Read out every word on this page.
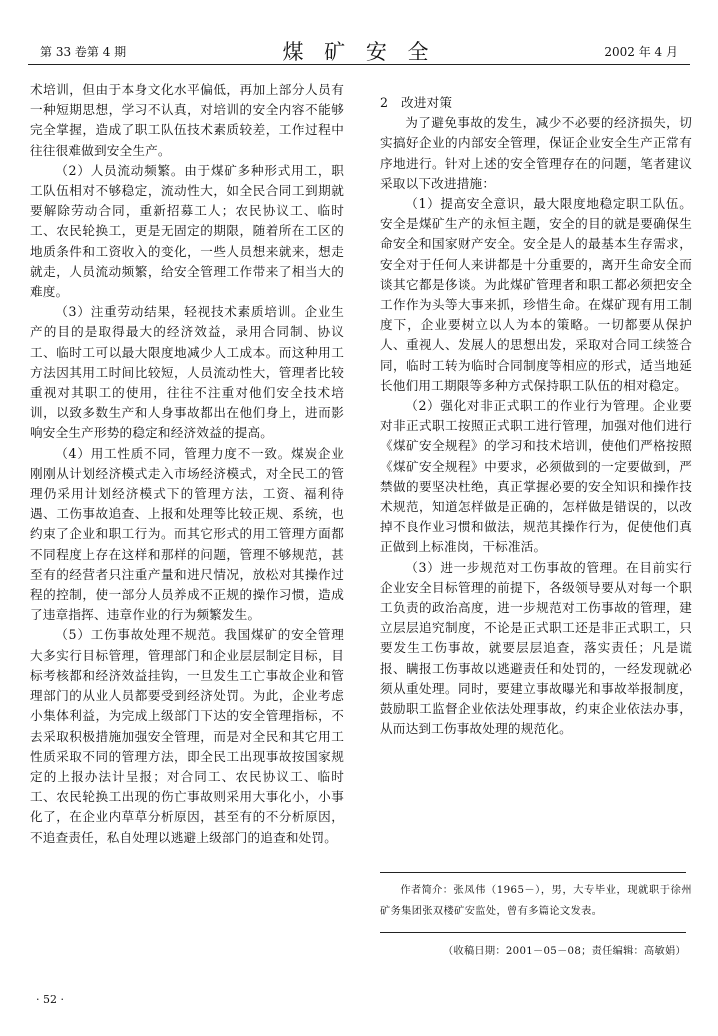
第 33 卷第 4 期	煤 矿 安 全	2002 年 4 月

术培训，但由于本身文化水平偏低，再加上部分人员有一种短期思想，学习不认真，对培训的安全内容不能够完全掌握，造成了职工队伍技术素质较差，工作过程中往往很难做到安全生产。

（2）人员流动频繁。由于煤矿多种形式用工，职工队伍相对不够稳定，流动性大，如全民合同工到期就要解除劳动合同，重新招募工人；农民协议工、临时工、农民轮换工，更是无固定的期限，随着所在工区的地质条件和工资收入的变化，一些人员想来就来，想走就走，人员流动频繁，给安全管理工作带来了相当大的难度。

（3）注重劳动结果，轻视技术素质培训。企业生产的目的是取得最大的经济效益，录用合同制、协议工、临时工可以最大限度地减少人工成本。而这种用工方法因其用工时间比较短，人员流动性大，管理者比较重视对其职工的使用，往往不注重对他们安全技术培训，以致多数生产和人身事故都出在他们身上，进而影响安全生产形势的稳定和经济效益的提高。

（4）用工性质不同，管理力度不一致。煤炭企业刚刚从计划经济模式走入市场经济模式，对全民工的管理仍采用计划经济模式下的管理方法，工资、福利待遇、工伤事故追查、上报和处理等比较正规、系统，也约束了企业和职工行为。而其它形式的用工管理方面都不同程度上存在这样和那样的问题，管理不够规范，甚至有的经营者只注重产量和进尺情况，放松对其操作过程的控制，使一部分人员养成不正规的操作习惯，造成了违章指挥、违章作业的行为频繁发生。

（5）工伤事故处理不规范。我国煤矿的安全管理大多实行目标管理，管理部门和企业层层制定目标，目标考核都和经济效益挂钩，一旦发生工亡事故企业和管理部门的从业人员都要受到经济处罚。为此，企业考虑小集体利益，为完成上级部门下达的安全管理指标，不去采取积极措施加强安全管理，而是对全民和其它用工性质采取不同的管理方法，即全民工出现事故按国家规定的上报办法计呈报；对合同工、农民协议工、临时工、农民轮换工出现的伤亡事故则采用大事化小，小事化了，在企业内草草分析原因，甚至有的不分析原因，不追查责任，私自处理以逃避上级部门的追查和处罚。

2　改进对策

为了避免事故的发生，减少不必要的经济损失，切实搞好企业的内部安全管理，保证企业安全生产正常有序地进行。针对上述的安全管理存在的问题，笔者建议采取以下改进措施：

（1）提高安全意识，最大限度地稳定职工队伍。安全是煤矿生产的永恒主题，安全的目的就是要确保生命安全和国家财产安全。安全是人的最基本生存需求，安全对于任何人来讲都是十分重要的，离开生命安全而谈其它都是侈谈。为此煤矿管理者和职工都必须把安全工作作为头等大事来抓，珍惜生命。在煤矿现有用工制度下，企业要树立以人为本的策略。一切都要从保护人、重视人、发展人的思想出发，采取对合同工续签合同，临时工转为临时合同制度等相应的形式，适当地延长他们用工期限等多种方式保持职工队伍的相对稳定。

（2）强化对非正式职工的作业行为管理。企业要对非正式职工按照正式职工进行管理，加强对他们进行《煤矿安全规程》的学习和技术培训，使他们严格按照《煤矿安全规程》中要求，必须做到的一定要做到，严禁做的要坚决杜绝，真正掌握必要的安全知识和操作技术规范，知道怎样做是正确的，怎样做是错误的，以改掉不良作业习惯和做法，规范其操作行为，促使他们真正做到上标准岗，干标准活。

（3）进一步规范对工伤事故的管理。在目前实行企业安全目标管理的前提下，各级领导要从对每一个职工负责的政治高度，进一步规范对工伤事故的管理，建立层层追究制度，不论是正式职工还是非正式职工，只要发生工伤事故，就要层层追查，落实责任；凡是谎报、瞒报工伤事故以逃避责任和处罚的，一经发现就必须从重处理。同时，要建立事故曝光和事故举报制度，鼓励职工监督企业依法处理事故，约束企业依法办事，从而达到工伤事故处理的规范化。

作者简介：张凤伟（1965－），男，大专毕业，现就职于徐州矿务集团张双楼矿安监处，曾有多篇论文发表。
（收稿日期：2001－05－08；责任编辑：高敏娟）
· 52 ·
